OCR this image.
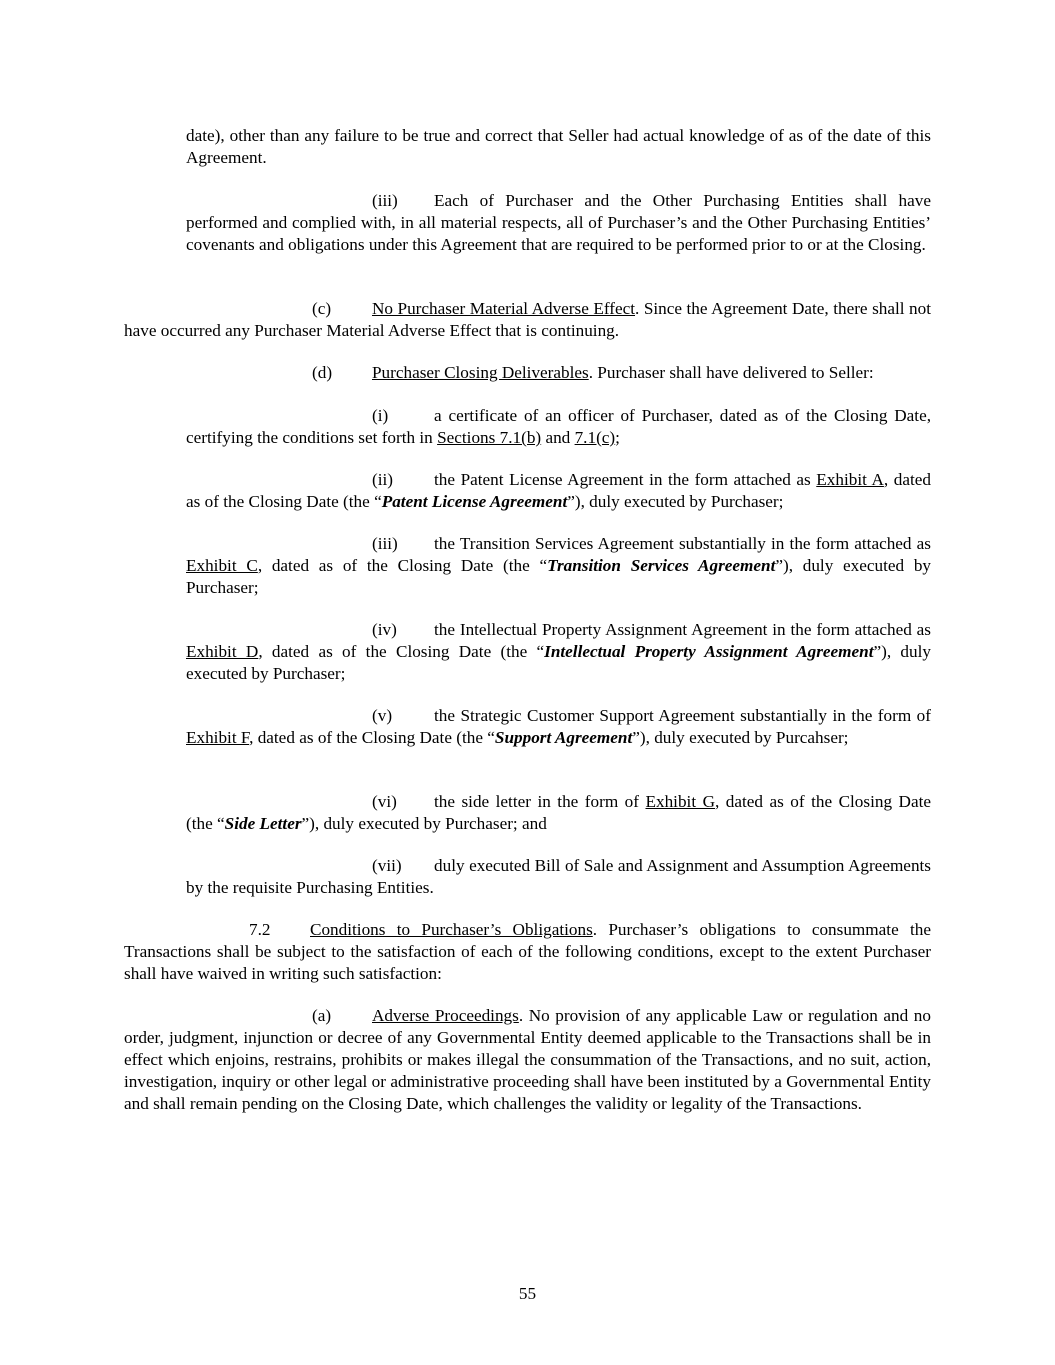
date), other than any failure to be true and correct that Seller had actual knowledge of as of the date of this Agreement.

(iii) Each of Purchaser and the Other Purchasing Entities shall have performed and complied with, in all material respects, all of Purchaser’s and the Other Purchasing Entities’ covenants and obligations under this Agreement that are required to be performed prior to or at the Closing.

(c) No Purchaser Material Adverse Effect. Since the Agreement Date, there shall not have occurred any Purchaser Material Adverse Effect that is continuing.

(d) Purchaser Closing Deliverables. Purchaser shall have delivered to Seller:

(i)	a certificate of an officer of Purchaser, dated as of the Closing Date, certifying the conditions set forth in Sections 7.1(b) and 7.1(c);

(ii) the Patent License Agreement in the form attached as Exhibit A, dated as of the Closing Date (the “Patent License Agreement”), duly executed by Purchaser;

(iii) the Transition Services Agreement substantially in the form attached as Exhibit C, dated as of the Closing Date (the “Transition Services Agreement”), duly executed by Purchaser;

(iv) the Intellectual Property Assignment Agreement in the form attached as Exhibit D, dated as of the Closing Date (the “Intellectual Property Assignment Agreement”), duly executed by Purchaser;

(v) the Strategic Customer Support Agreement substantially in the form of Exhibit F, dated as of the Closing Date (the “Support Agreement”), duly executed by Purcahser;

(vi) the side letter in the form of Exhibit G, dated as of the Closing Date (the “Side Letter”), duly executed by Purchaser; and

(vii) duly executed Bill of Sale and Assignment and Assumption Agreements by the requisite Purchasing Entities.

7.2 Conditions to Purchaser’s Obligations. Purchaser’s obligations to consummate the Transactions shall be subject to the satisfaction of each of the following conditions, except to the extent Purchaser shall have waived in writing such satisfaction:

(a) Adverse Proceedings. No provision of any applicable Law or regulation and no order, judgment, injunction or decree of any Governmental Entity deemed applicable to the Transactions shall be in effect which enjoins, restrains, prohibits or makes illegal the consummation of the Transactions, and no suit, action, investigation, inquiry or other legal or administrative proceeding shall have been instituted by a Governmental Entity and shall remain pending on the Closing Date, which challenges the validity or legality of the Transactions.

55
